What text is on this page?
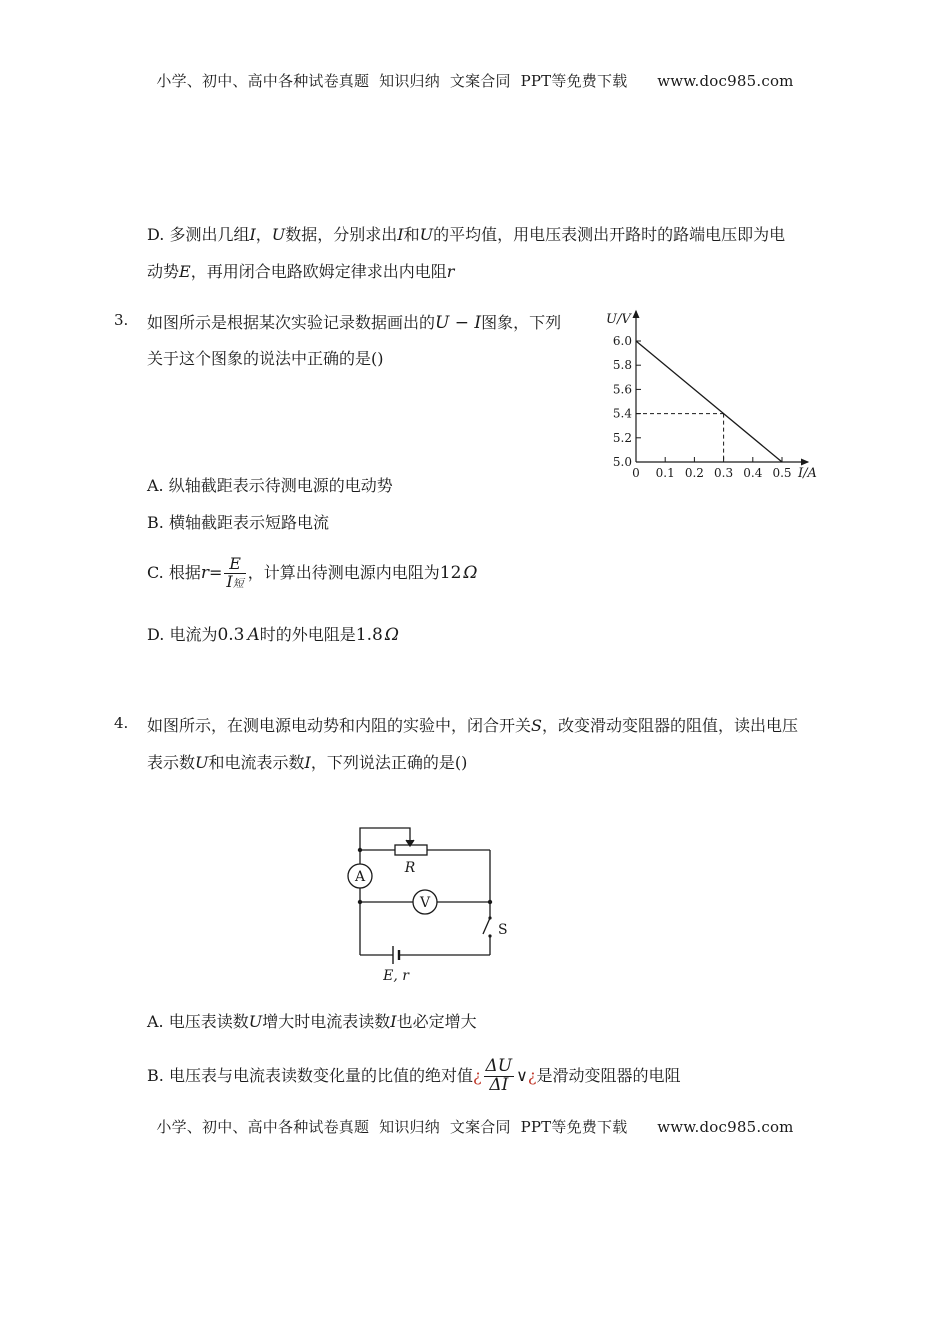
小学、初中、高中各种试卷真题  知识归纳  文案合同  PPT等免费下载      www.doc985.com
D. 多测出几组I，U数据，分别求出I和U的平均值，用电压表测出开路时的路端电压即为电
动势E，再用闭合电路欧姆定律求出内电阻r
3. 如图所示是根据某次实验记录数据画出的U − I图象，下列
关于这个图象的说法中正确的是()
U/V
I/A
0 0.1 0.2 0.3 0.4 0.5
5.0
5.2
5.4
5.6
5.8
6.0
A. 纵轴截距表示待测电源的电动势
B. 横轴截距表示短路电流
C. 根据$r= \frac{E}{\text{I短}}$ ，计算出待测电源内电阻为12 Ω
D. 电流为0.3 A时的外电阻是1.8 Ω
4. 如图所示，在测电源电动势和内阻的实验中，闭合开关S，改变滑动变阻器的阻值，读出电压
表示数U和电流表示数I，下列说法正确的是()
A
V
R
S
E, r
A. 电压表读数U增大时电流表读数I也必定增大
B. 电压表与电流表读数变化量的比值的绝对值¿ $\frac{\Delta U}{\Delta I}$ ∨¿是滑动变阻器的电阻
小学、初中、高中各种试卷真题  知识归纳  文案合同  PPT等免费下载      www.doc985.com
